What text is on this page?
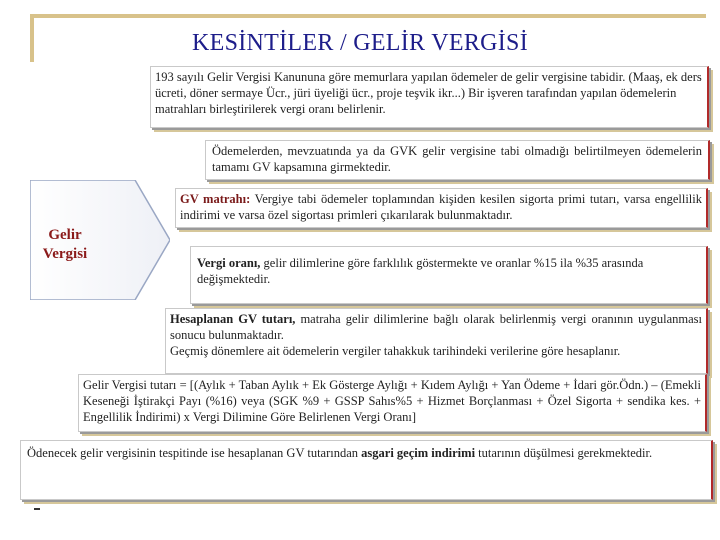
KESİNTİLER / GELİR VERGİSİ
193 sayılı Gelir Vergisi Kanununa göre memurlara yapılan ödemeler de gelir vergisine tabidir. (Maaş, ek ders ücreti, döner sermaye Ücr., jüri üyeliği ücr., proje teşvik ikr...) Bir işveren tarafından yapılan ödemelerin matrahları birleştirilerek vergi oranı belirlenir.
Ödemelerden, mevzuatında ya da GVK gelir vergisine tabi olmadığı belirtilmeyen ödemelerin tamamı GV kapsamına girmektedir.
Gelir
Vergisi
GV matrahı: Vergiye tabi ödemeler toplamından kişiden kesilen sigorta primi tutarı, varsa engellilik indirimi ve varsa özel sigortası primleri çıkarılarak bulunmaktadır.
Vergi oranı, gelir dilimlerine göre farklılık göstermekte ve oranlar %15 ila %35 arasında değişmektedir.
Hesaplanan GV tutarı, matraha gelir dilimlerine bağlı olarak belirlenmiş vergi oranının uygulanması sonucu bulunmaktadır.
Geçmiş dönemlere ait ödemelerin vergiler tahakkuk tarihindeki verilerine göre hesaplanır.
Gelir Vergisi tutarı = [(Aylık + Taban Aylık + Ek Gösterge Aylığı + Kıdem Aylığı + Yan Ödeme + İdari gör.Ödn.) – (Emekli Keseneği İştirakçi Payı (%16) veya (SGK %9 + GSSP Sahıs%5 + Hizmet Borçlanması + Özel Sigorta + sendika kes. + Engellilik İndirimi) x Vergi Dilimine Göre Belirlenen Vergi Oranı]
Ödenecek gelir vergisinin tespitinde ise hesaplanan GV tutarından asgari geçim indirimi tutarının düşülmesi gerekmektedir.
